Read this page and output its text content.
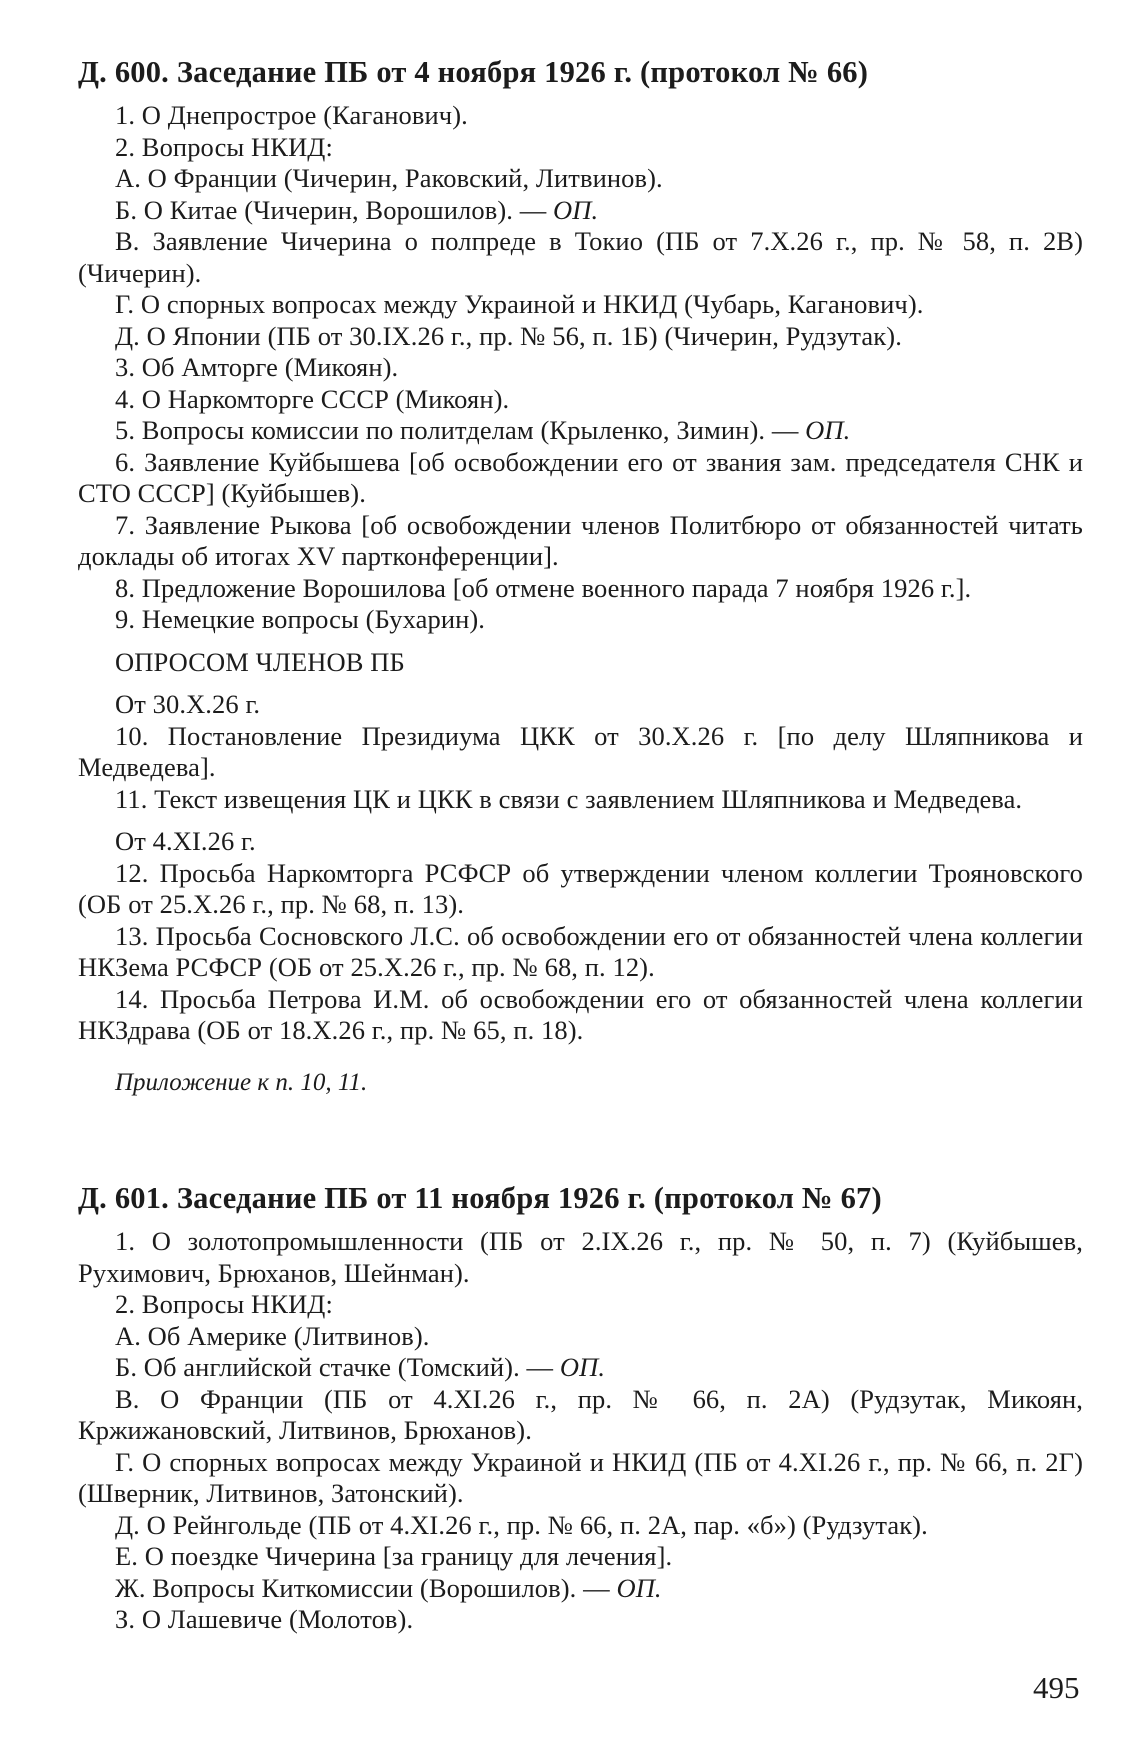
Д. 600. Заседание ПБ от 4 ноября 1926 г. (протокол № 66)
1. О Днепрострое (Каганович).
2. Вопросы НКИД:
А. О Франции (Чичерин, Раковский, Литвинов).
Б. О Китае (Чичерин, Ворошилов). — ОП.
В. Заявление Чичерина о полпреде в Токио (ПБ от 7.X.26 г., пр. № 58, п. 2В) (Чичерин).
Г. О спорных вопросах между Украиной и НКИД (Чубарь, Каганович).
Д. О Японии (ПБ от 30.IX.26 г., пр. № 56, п. 1Б) (Чичерин, Рудзутак).
3. Об Амторге (Микоян).
4. О Наркомторге СССР (Микоян).
5. Вопросы комиссии по политделам (Крыленко, Зимин). — ОП.
6. Заявление Куйбышева [об освобождении его от звания зам. председателя СНК и СТО СССР] (Куйбышев).
7. Заявление Рыкова [об освобождении членов Политбюро от обязанностей читать доклады об итогах XV партконференции].
8. Предложение Ворошилова [об отмене военного парада 7 ноября 1926 г.].
9. Немецкие вопросы (Бухарин).
ОПРОСОМ ЧЛЕНОВ ПБ
От 30.X.26 г.
10. Постановление Президиума ЦКК от 30.X.26 г. [по делу Шляпникова и Медведева].
11. Текст извещения ЦК и ЦКК в связи с заявлением Шляпникова и Медведева.
От 4.XI.26 г.
12. Просьба Наркомторга РСФСР об утверждении членом коллегии Трояновского (ОБ от 25.X.26 г., пр. № 68, п. 13).
13. Просьба Сосновского Л.С. об освобождении его от обязанностей члена коллегии НКЗема РСФСР (ОБ от 25.X.26 г., пр. № 68, п. 12).
14. Просьба Петрова И.М. об освобождении его от обязанностей члена коллегии НКЗдрава (ОБ от 18.X.26 г., пр. № 65, п. 18).
Приложение к п. 10, 11.
Д. 601. Заседание ПБ от 11 ноября 1926 г. (протокол № 67)
1. О золотопромышленности (ПБ от 2.IX.26 г., пр. № 50, п. 7) (Куйбышев, Рухимович, Брюханов, Шейнман).
2. Вопросы НКИД:
А. Об Америке (Литвинов).
Б. Об английской стачке (Томский). — ОП.
В. О Франции (ПБ от 4.XI.26 г., пр. № 66, п. 2А) (Рудзутак, Микоян, Кржижановский, Литвинов, Брюханов).
Г. О спорных вопросах между Украиной и НКИД (ПБ от 4.XI.26 г., пр. № 66, п. 2Г) (Шверник, Литвинов, Затонский).
Д. О Рейнгольде (ПБ от 4.XI.26 г., пр. № 66, п. 2А, пар. «б») (Рудзутак).
Е. О поездке Чичерина [за границу для лечения].
Ж. Вопросы Киткомиссии (Ворошилов). — ОП.
З. О Лашевиче (Молотов).
495
